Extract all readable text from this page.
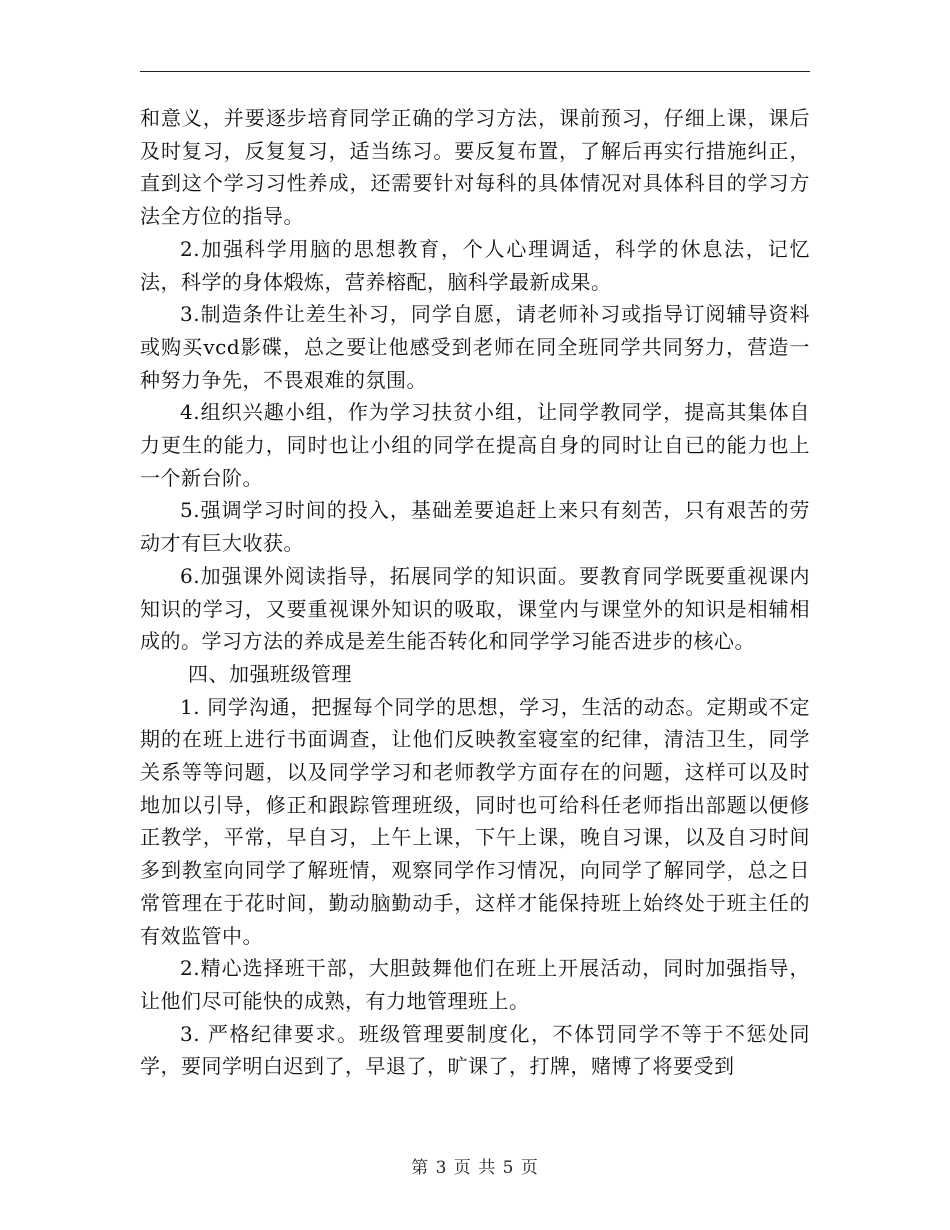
和意义，并要逐步培育同学正确的学习方法，课前预习，仔细上课，课后及时复习，反复复习，适当练习。要反复布置，了解后再实行措施纠正，直到这个学习习性养成，还需要针对每科的具体情况对具体科目的学习方法全方位的指导。

2.加强科学用脑的思想教育，个人心理调适，科学的休息法，记忆法，科学的身体煅炼，营养榕配，脑科学最新成果。

3.制造条件让差生补习，同学自愿，请老师补习或指导订阅辅导资料或购买vcd影碟，总之要让他感受到老师在同全班同学共同努力，营造一种努力争先，不畏艰难的氛围。

4.组织兴趣小组，作为学习扶贫小组，让同学教同学，提高其集体自力更生的能力，同时也让小组的同学在提高自身的同时让自已的能力也上一个新台阶。

5.强调学习时间的投入，基础差要追赶上来只有刻苦，只有艰苦的劳动才有巨大收获。

6.加强课外阅读指导，拓展同学的知识面。要教育同学既要重视课内知识的学习，又要重视课外知识的吸取，课堂内与课堂外的知识是相辅相成的。学习方法的养成是差生能否转化和同学学习能否进步的核心。

四、加强班级管理

1. 同学沟通，把握每个同学的思想，学习，生活的动态。定期或不定期的在班上进行书面调查，让他们反映教室寝室的纪律，清洁卫生，同学关系等等问题，以及同学学习和老师教学方面存在的问题，这样可以及时地加以引导，修正和跟踪管理班级，同时也可给科任老师指出部题以便修正教学，平常，早自习，上午上课，下午上课，晚自习课，以及自习时间多到教室向同学了解班情，观察同学作习情况，向同学了解同学，总之日常管理在于花时间，勤动脑勤动手，这样才能保持班上始终处于班主任的有效监管中。

2.精心选择班干部，大胆鼓舞他们在班上开展活动，同时加强指导，让他们尽可能快的成熟，有力地管理班上。

3. 严格纪律要求。班级管理要制度化，不体罚同学不等于不惩处同学，要同学明白迟到了，早退了，旷课了，打牌，赌博了将要受到

第 3 页 共 5 页
